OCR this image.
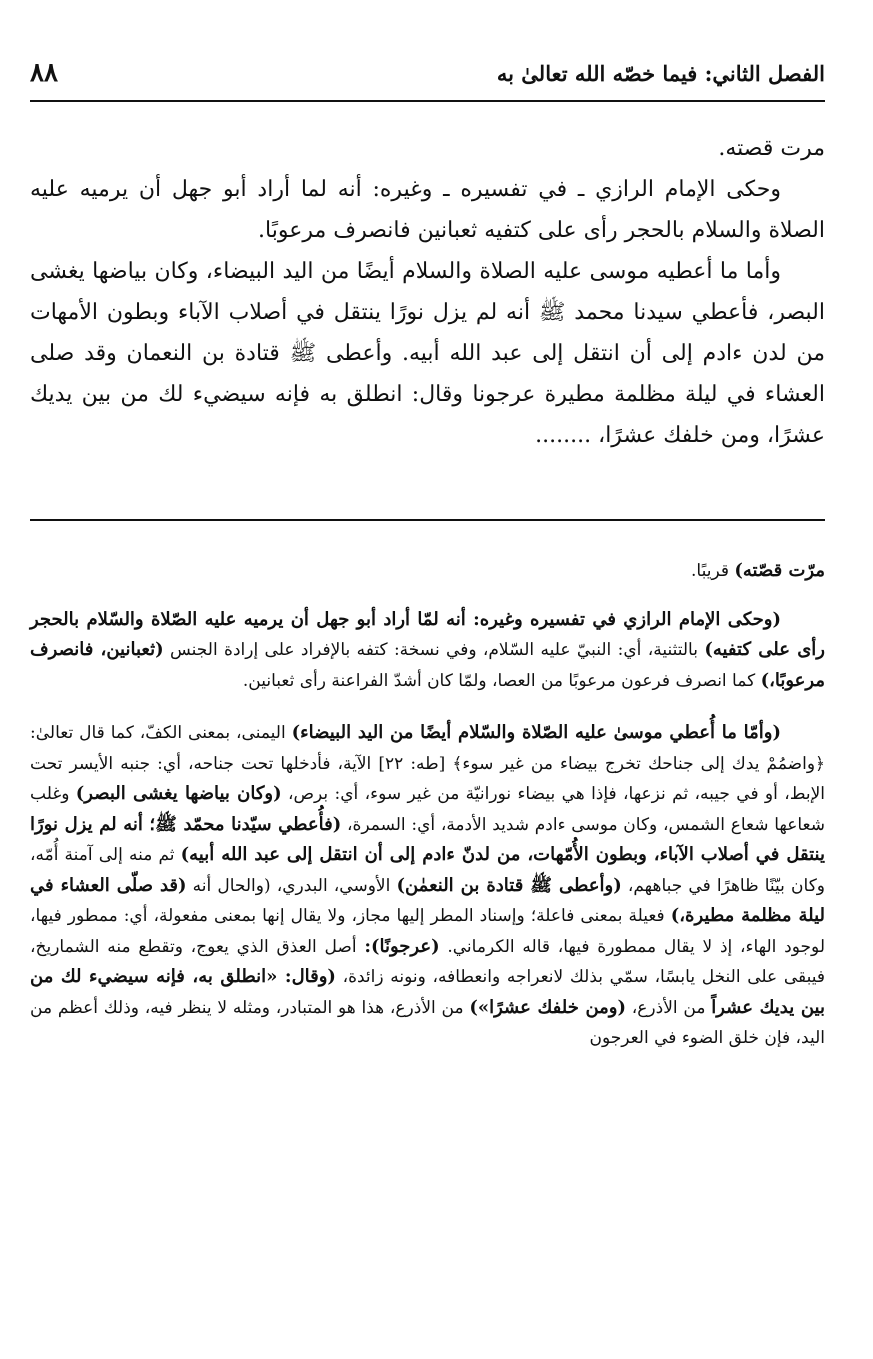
الفصل الثاني: فيما خصّه الله تعالىٰ به
٨٨

مرت قصته.

وحكى الإمام الرازي ـ في تفسيره ـ وغيره: أنه لما أراد أبو جهل أن يرميه عليه الصلاة والسلام بالحجر رأى على كتفيه ثعبانين فانصرف مرعوبًا.

وأما ما أعطيه موسى عليه الصلاة والسلام أيضًا من اليد البيضاء، وكان بياضها يغشى البصر، فأعطي سيدنا محمد ﷺ أنه لم يزل نورًا ينتقل في أصلاب الآباء وبطون الأمهات من لدن ءادم إلى أن انتقل إلى عبد الله أبيه. وأعطى ﷺ قتادة بن النعمان وقد صلى العشاء في ليلة مظلمة مطيرة عرجونا وقال: انطلق به فإنه سيضيء لك من بين يديك عشرًا، ومن خلفك عشرًا، ........

مرّت قصّته) قريبًا.

(وحكى الإمام الرازي في تفسيره وغيره: أنه لمّا أراد أبو جهل أن يرميه عليه الصّلاة والسّلام بالحجر رأى على كتفيه) بالتثنية، أي: النبيّ عليه السّلام، وفي نسخة: كتفه بالإفراد على إرادة الجنس (ثعبانين، فانصرف مرعوبًا،) كما انصرف فرعون مرعوبًا من العصا، ولمّا كان أشدّ الفراعنة رأى ثعبانين.

(وأمّا ما أُعطي موسىٰ عليه الصّلاة والسّلام أيضًا من اليد البيضاء) اليمنى، بمعنى الكفّ، كما قال تعالىٰ: ﴿واضمُمْ يدك إلى جناحك تخرج بيضاء من غير سوء﴾ [طه: ٢٢] الآية، فأدخلها تحت جناحه، أي: جنبه الأيسر تحت الإبط، أو في جيبه، ثم نزعها، فإذا هي بيضاء نورانيّة من غير سوء، أي: برص، (وكان بياضها يغشى البصر) وغلب شعاعها شعاع الشمس، وكان موسى ءادم شديد الأدمة، أي: السمرة، (فأُعطي سيّدنا محمّد ﷺ؛ أنه لم يزل نورًا ينتقل في أصلاب الآباء، وبطون الأُمّهات، من لدنّ ءادم إلى أن انتقل إلى عبد الله أبيه) ثم منه إلى آمنة أُمّه، وكان بيّنًا ظاهرًا في جباههم، (وأعطى ﷺ قتادة بن النعمٰن) الأوسي، البدري، (والحال أنه (قد صلّى العشاء في ليلة مظلمة مطيرة،) فعيلة بمعنى فاعلة؛ وإسناد المطر إليها مجاز، ولا يقال إنها بمعنى مفعولة، أي: ممطور فيها، لوجود الهاء، إذ لا يقال ممطورة فيها، قاله الكرماني. (عرجونًا): أصل العذق الذي يعوج، وتقطع منه الشماريخ، فيبقى على النخل يابسًا، سمّي بذلك لانعراجه وانعطافه، ونونه زائدة، (وقال: «انطلق به، فإنه سيضيء لك من بين يديك عشراً من الأذرع، (ومن خلفك عشرًا») من الأذرع، هذا هو المتبادر، ومثله لا ينظر فيه، وذلك أعظم من اليد، فإن خلق الضوء في العرجون
